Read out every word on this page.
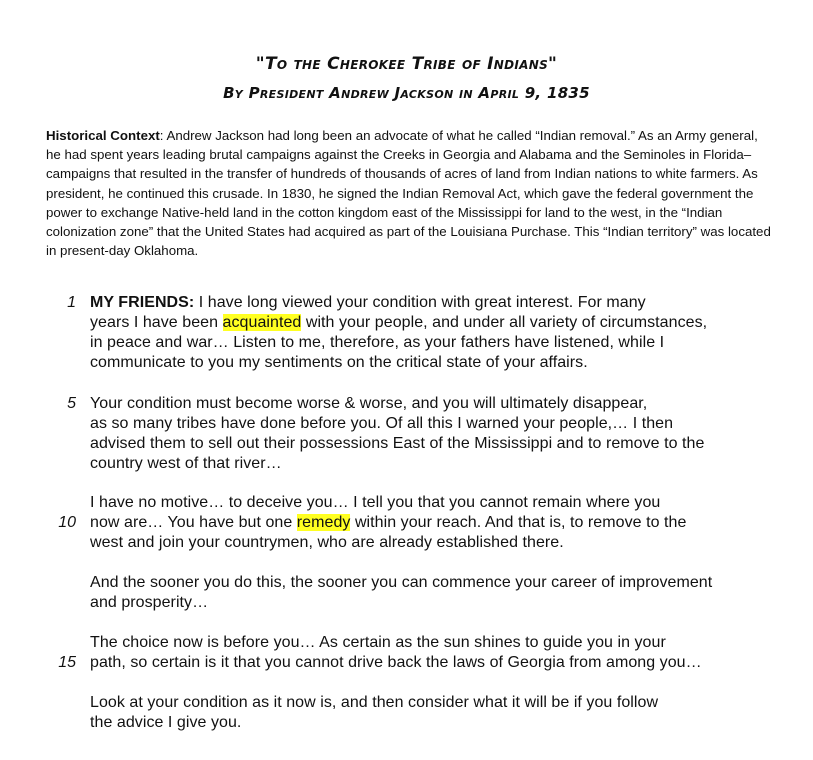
"To the Cherokee Tribe of Indians"
By President Andrew Jackson in April 9, 1835

Historical Context: Andrew Jackson had long been an advocate of what he called “Indian removal.” As an Army general, he had spent years leading brutal campaigns against the Creeks in Georgia and Alabama and the Seminoles in Florida–campaigns that resulted in the transfer of hundreds of thousands of acres of land from Indian nations to white farmers. As president, he continued this crusade. In 1830, he signed the Indian Removal Act, which gave the federal government the power to exchange Native-held land in the cotton kingdom east of the Mississippi for land to the west, in the “Indian colonization zone” that the United States had acquired as part of the Louisiana Purchase. This “Indian territory” was located in present-day Oklahoma.

1 MY FRIENDS: I have long viewed your condition with great interest. For many
years I have been acquainted with your people, and under all variety of circumstances,
in peace and war… Listen to me, therefore, as your fathers have listened, while I
communicate to you my sentiments on the critical state of your affairs.
5 Your condition must become worse & worse, and you will ultimately disappear,
as so many tribes have done before you. Of all this I warned your people,… I then
advised them to sell out their possessions East of the Mississippi and to remove to the
country west of that river…
I have no motive… to deceive you… I tell you that you cannot remain where you
10 now are… You have but one remedy within your reach. And that is, to remove to the
west and join your countrymen, who are already established there.
And the sooner you do this, the sooner you can commence your career of improvement
and prosperity…
The choice now is before you… As certain as the sun shines to guide you in your
15 path, so certain is it that you cannot drive back the laws of Georgia from among you…
Look at your condition as it now is, and then consider what it will be if you follow
the advice I give you.
